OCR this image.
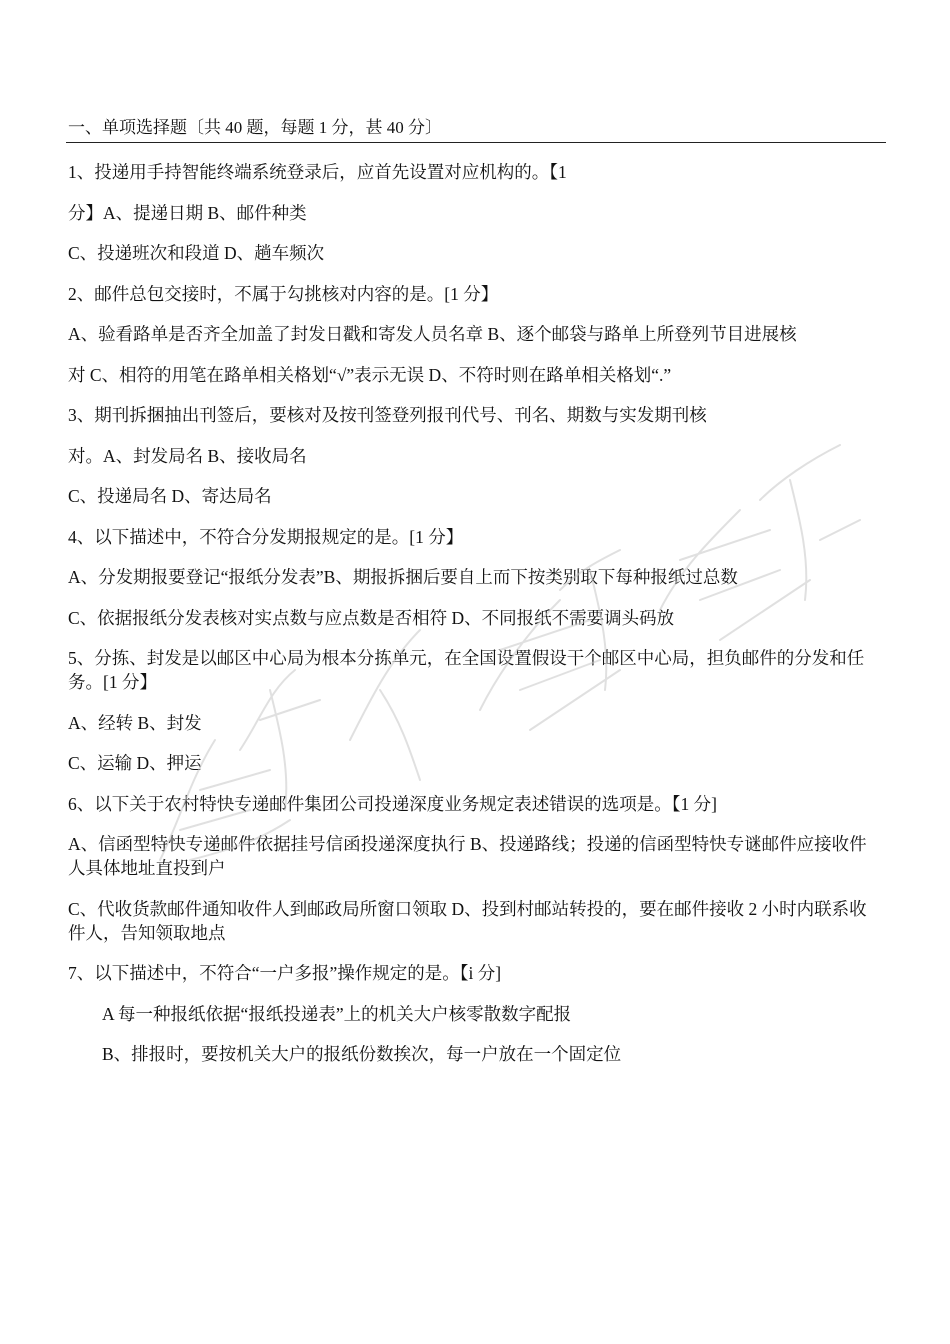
一、单项选择题〔共 40 题，每题 1 分，甚 40 分〕
1、投递用手持智能终端系统登录后，应首先设置对应机构的。【1
分】A、提递日期 B、邮件种类
C、投递班次和段道 D、趟车频次
2、邮件总包交接时，不属于勾挑核对内容的是。[1 分】
A、验看路单是否齐全加盖了封发日戳和寄发人员名章 B、逐个邮袋与路单上所登列节目进展核
对 C、相符的用笔在路单相关格划“√”表示无误 D、不符时则在路单相关格划“.”
3、期刊拆捆抽出刊签后，要核对及按刊签登列报刊代号、刊名、期数与实发期刊核
对。A、封发局名 B、接收局名
C、投递局名 D、寄达局名
4、以下描述中，不符合分发期报规定的是。[1 分】
A、分发期报要登记“报纸分发表”B、期报拆捆后要自上而下按类别取下每种报纸过总数
C、依据报纸分发表核对实点数与应点数是否相符 D、不同报纸不需要调头码放
5、分拣、封发是以邮区中心局为根本分拣单元，在全国设置假设干个邮区中心局，担负邮件的分发和任务。[1 分】
A、经转 B、封发
C、运输 D、押运
6、以下关于农村特快专递邮件集团公司投递深度业务规定表述错误的选项是。【1 分]
A、信函型特快专递邮件依据挂号信函投递深度执行 B、投递路线；投递的信函型特快专谜邮件应接收件人具体地址直投到户
C、代收货款邮件通知收件人到邮政局所窗口领取 D、投到村邮站转投的，要在邮件接收 2 小时内联系收件人，告知领取地点
7、以下描述中，不符合“一户多报”操作规定的是。【i 分]
A 每一种报纸依据“报纸投递表”上的机关大户核零散数字配报
B、排报时，要按机关大户的报纸份数挨次，每一户放在一个固定位
